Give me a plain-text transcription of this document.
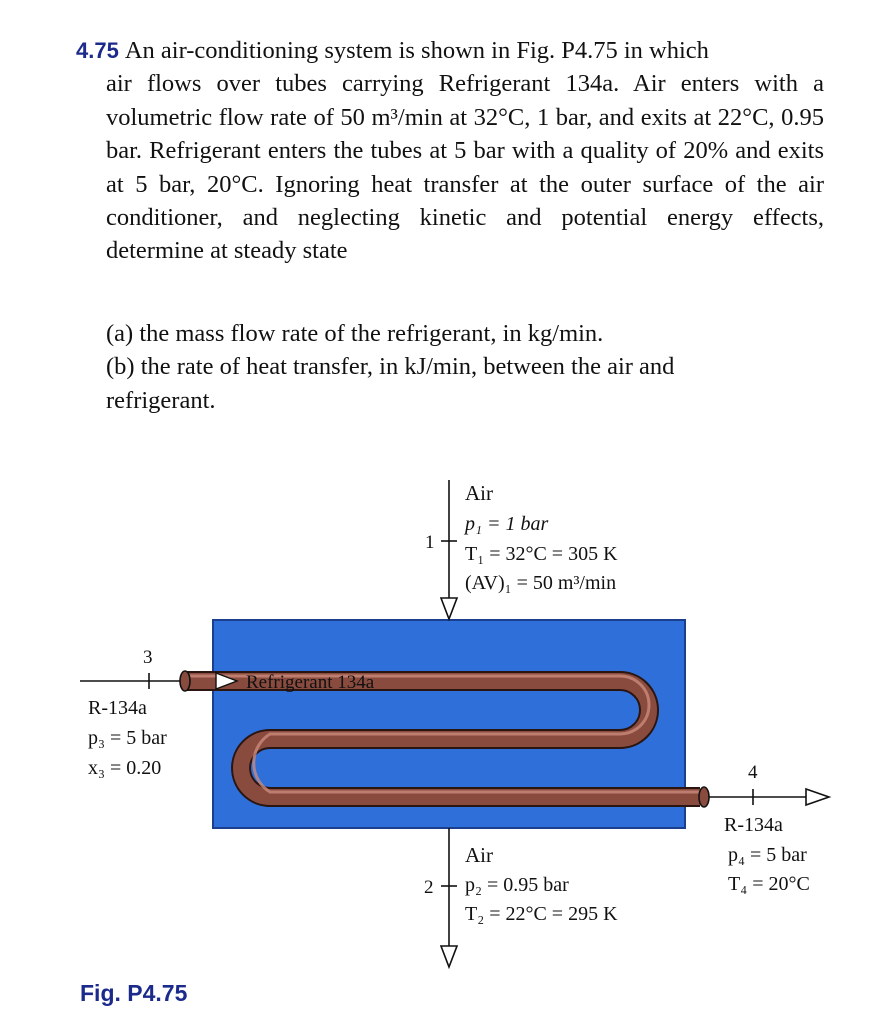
4.75 An air-conditioning system is shown in Fig. P4.75 in which
air flows over tubes carrying Refrigerant 134a. Air enters with a volumetric flow rate of 50 m³/min at 32°C, 1 bar, and exits at 22°C, 0.95 bar. Refrigerant enters the tubes at 5 bar with a quality of 20% and exits at 5 bar, 20°C. Ignoring heat transfer at the outer surface of the air conditioner, and neglecting kinetic and potential energy effects, determine at steady state

(a) the mass flow rate of the refrigerant, in kg/min.
(b) the rate of heat transfer, in kJ/min, between the air and
refrigerant.
1
Air
p₁ = 1 bar
T₁ = 32°C = 305 K
(AV)₁ = 50 m³/min
2
Air
p₂ = 0.95 bar
T₂ = 22°C = 295 K
3
R-134a
p₃ = 5 bar
x₃ = 0.20
Refrigerant 134a
4
R-134a
p₄ = 5 bar
T₄ = 20°C
Fig. P4.75
